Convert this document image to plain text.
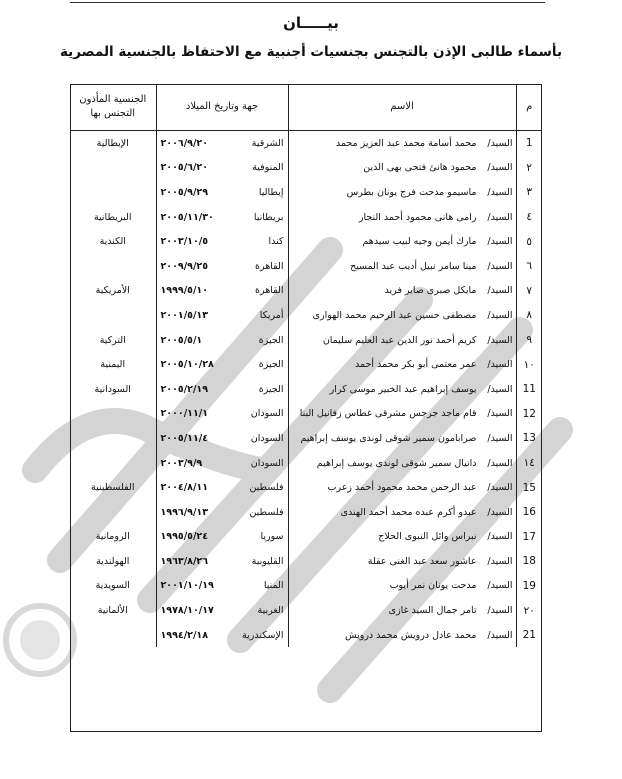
بيـــــان
بأسماء طالبى الإذن بالتجنس بجنسيات أجنبية مع الاحتفاظ بالجنسية المصرية
م	الاسم	جهة وتاريخ الميلاد	الجنسية المأذون التجنس بها
1	السيد/محمد أسامة محمد عبد العزيز محمد	الشرقية
٢٠٠٦/٩/٢٠	الإيطالية
٢	السيد/محمود هانئ فتحى بهى الدين	المنوفية
٢٠٠٥/٦/٢٠	

٣	السيد/ماسيمو مدحت فرج يونان بطرس	إيطاليا
٢٠٠٥/٩/٢٩	

٤	السيد/رامى هانى محمود أحمد النجار	بريطانيا
٢٠٠٥/١١/٣٠	البريطانية
٥	السيد/مارك أيمن وجيه لبيب سيدهم	كندا
٢٠٠٣/١٠/٥	الكندية
٦	السيد/مينا سامر نبيل أديب عبد المسيح	القاهرة
٢٠٠٩/٩/٢٥	

٧	السيد/مايكل صبرى صابر فريد	القاهرة
١٩٩٩/٥/١٠	الأمريكية
٨	السيد/مصطفى حسين عبد الرحيم محمد الهوارى	أمريكا
٢٠٠١/٥/١٣	

٩	السيد/كريم أحمد نور الدين عبد العليم سليمان	الجيزة
٢٠٠٥/٥/١	التركية
١٠	السيد/عمر معتمى أبو بكر محمد أحمد	الجيزة
٢٠٠٥/١٠/٢٨	اليمنية
11	السيد/يوسف إبراهيم عبد الخبير موسى كرار	الجيزة
٢٠٠٥/٢/١٩	السودانية
12	السيد/قام ماجد جرجس مشرقى غطاس زفانيل البنا	السودان
٢٠٠٠/١١/١	

13	السيد/صرابامون سمير شوقى لوندى يوسف إبراهيم	السودان
٢٠٠٥/١١/٤	

١٤	السيد/دانيال سمير شوقى لوندى يوسف إبراهيم	السودان
٢٠٠٣/٩/٩	

15	السيد/عبد الرحمن محمد محمود أحمد زعرب	فلسطين
٢٠٠٤/٨/١١	الفلسطينية
16	السيد/عبدو أكرم عبده محمد أحمد الهندى	فلسطين
١٩٩٦/٩/١٣	

17	السيد/نبراس وائل النبوى الحلاج	سوريا
١٩٩٥/٥/٢٤	الرومانية
18	السيد/عاشور سعد عبد الغنى عقلة	القليوبية
١٩٦٣/٨/٢٦	الهولندية
19	السيد/مدحت يونان نمر أيوب	المنيا
٢٠٠١/١٠/١٩	السويدية
٢٠	السيد/تامر جمال السيد غازى	الغربية
١٩٧٨/١٠/١٧	الألمانية
21	السيد/محمد عادل درويش محمد درويش	الإسكندرية
١٩٩٤/٢/١٨	
